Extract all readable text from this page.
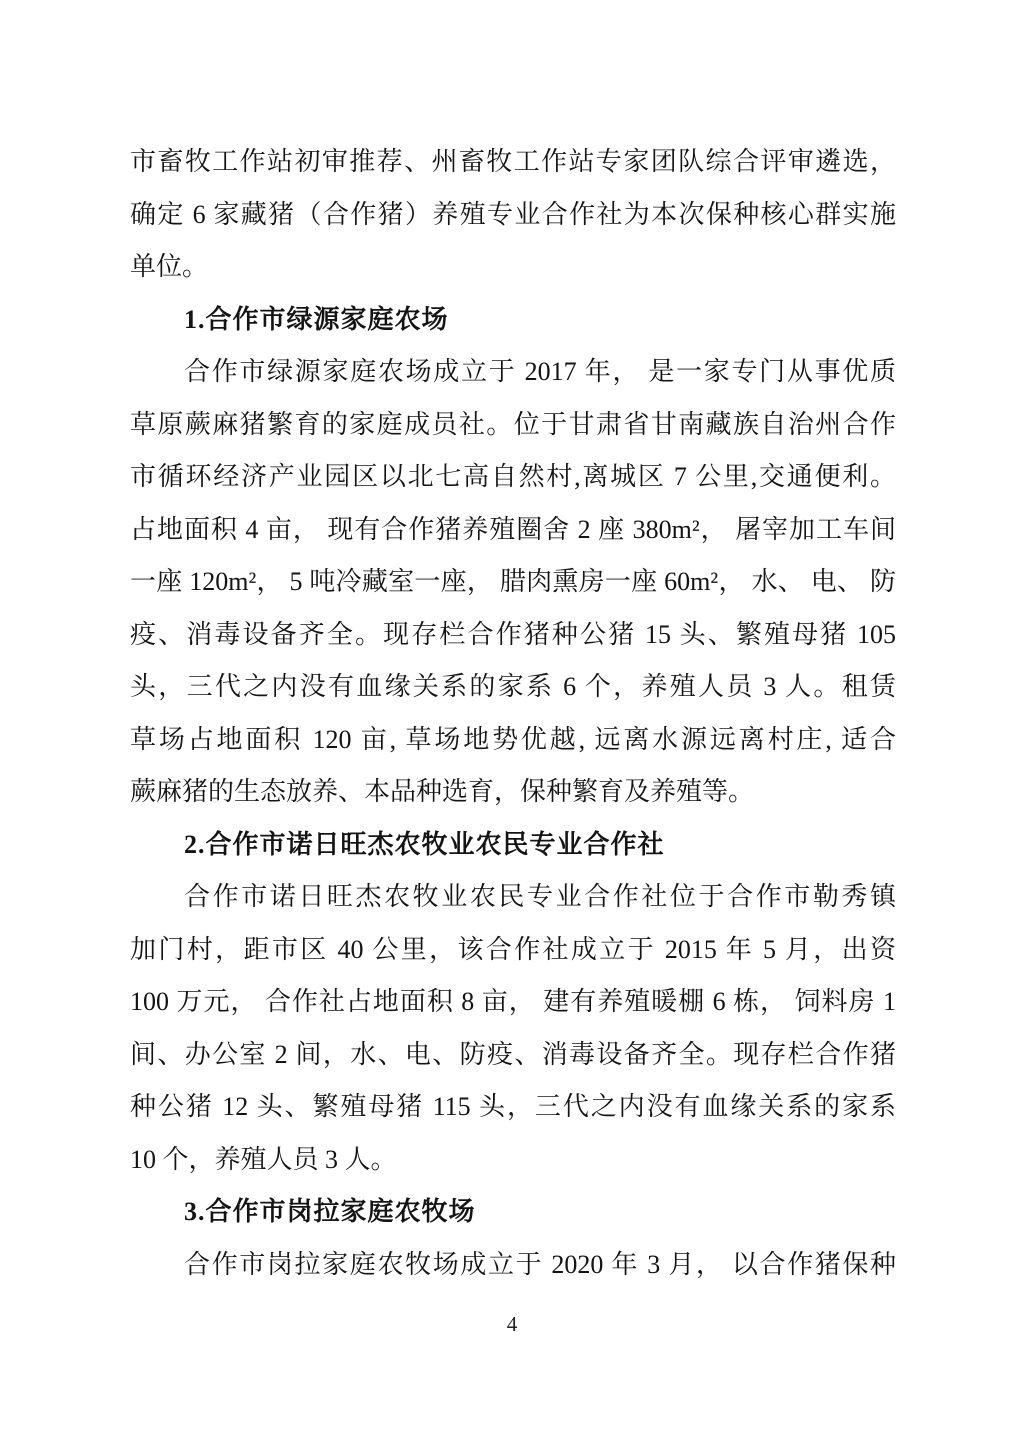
市畜牧工作站初审推荐、州畜牧工作站专家团队综合评审遴选，
确定 6 家藏猪（合作猪）养殖专业合作社为本次保种核心群实施
单位。
1.合作市绿源家庭农场
合作市绿源家庭农场成立于 2017 年， 是一家专门从事优质
草原蕨麻猪繁育的家庭成员社。位于甘肃省甘南藏族自治州合作
市循环经济产业园区以北七高自然村,离城区 7 公里,交通便利。
占地面积 4 亩， 现有合作猪养殖圈舍 2 座 380m²， 屠宰加工车间
一座 120m²， 5 吨冷藏室一座， 腊肉熏房一座 60m²， 水、 电、 防
疫、消毒设备齐全。现存栏合作猪种公猪 15 头、繁殖母猪 105
头，三代之内没有血缘关系的家系 6 个，养殖人员 3 人。租赁
草场占地面积 120 亩, 草场地势优越, 远离水源远离村庄, 适合
蕨麻猪的生态放养、本品种选育，保种繁育及养殖等。
2.合作市诺日旺杰农牧业农民专业合作社
合作市诺日旺杰农牧业农民专业合作社位于合作市勒秀镇
加门村，距市区 40 公里，该合作社成立于 2015 年 5 月，出资
100 万元， 合作社占地面积 8 亩， 建有养殖暖棚 6 栋， 饲料房 1
间、办公室 2 间，水、电、防疫、消毒设备齐全。现存栏合作猪
种公猪 12 头、繁殖母猪 115 头，三代之内没有血缘关系的家系
10 个，养殖人员 3 人。
3.合作市岗拉家庭农牧场
合作市岗拉家庭农牧场成立于 2020 年 3 月， 以合作猪保种
4
